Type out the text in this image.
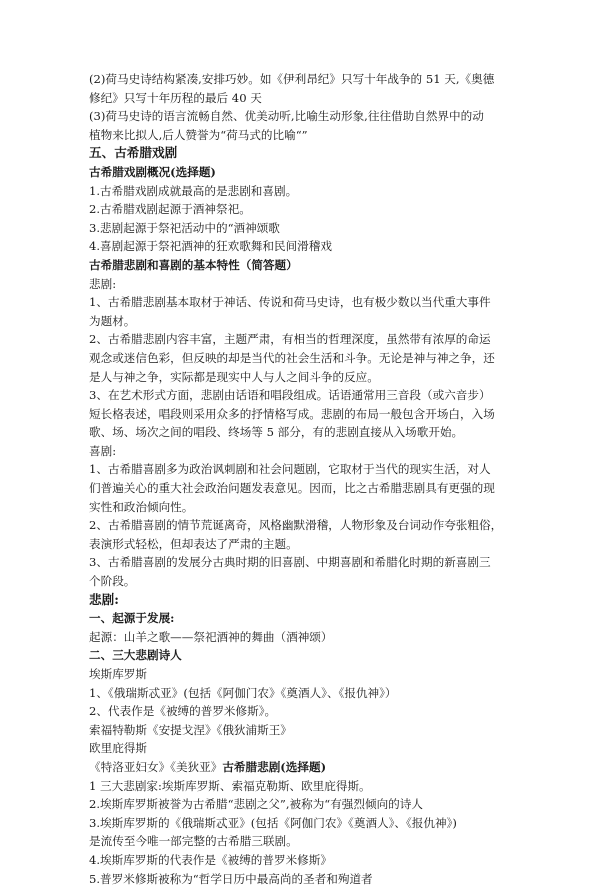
(2)荷马史诗结构紧凑,安排巧妙。如《伊利昂纪》只写十年战争的 51 天,《奥德
修纪》只写十年历程的最后 40 天
(3)荷马史诗的语言流畅自然、优美动听,比喻生动形象,往往借助自然界中的动
植物来比拟人,后人赞誉为“荷马式的比喻“”
五、古希腊戏剧
古希腊戏剧概况(选择题)
1.古希腊戏剧成就最高的是悲剧和喜剧。
2.古希腊戏剧起源于酒神祭祀。
3.悲剧起源于祭祀活动中的“酒神颂歌
4.喜剧起源于祭祀酒神的狂欢歌舞和民间滑稽戏
古希腊悲剧和喜剧的基本特性（简答题）
悲剧:
1、古希腊悲剧基本取材于神话、传说和荷马史诗，也有极少数以当代重大事件
为题材。
2、古希腊悲剧内容丰富，主题严肃，有相当的哲理深度，虽然带有浓厚的命运
观念或迷信色彩，但反映的却是当代的社会生活和斗争。无论是神与神之争，还
是人与神之争，实际都是现实中人与人之间斗争的反应。
3、在艺术形式方面，悲剧由话语和唱段组成。话语通常用三音段（或六音步）
短长格表述，唱段则采用众多的抒情格写成。悲剧的布局一般包含开场白，入场
歌、场、场次之间的唱段、终场等 5 部分，有的悲剧直接从入场歌开始。
喜剧:
1、古希腊喜剧多为政治讽刺剧和社会问题剧，它取材于当代的现实生活，对人
们普遍关心的重大社会政治问题发表意见。因而，比之古希腊悲剧具有更强的现
实性和政治倾向性。
2、古希腊喜剧的情节荒诞离奇，风格幽默滑稽，人物形象及台词动作夸张粗俗，
表演形式轻松，但却表达了严肃的主题。
3、古希腊喜剧的发展分古典时期的旧喜剧、中期喜剧和希腊化时期的新喜剧三
个阶段。
悲剧:
一、起源于发展:
起源：山羊之歌——祭祀酒神的舞曲（酒神颂）
二、三大悲剧诗人
埃斯库罗斯
1、《俄瑞斯忒亚》(包括《阿伽门农》《奠酒人》、《报仇神》）
2、代表作是《被缚的普罗米修斯》。
索福特勒斯《安提戈涅》《俄狄浦斯王》
欧里庇得斯
《特洛亚妇女》《美狄亚》古希腊悲剧(选择题)
1 三大悲剧家:埃斯库罗斯、索福克勒斯、欧里庇得斯。
2.埃斯库罗斯被誉为古希腊“悲剧之父”,被称为“有强烈倾向的诗人
3.埃斯库罗斯的《俄瑞斯忒亚》(包括《阿伽门农》《奠酒人》、《报仇神》)
是流传至今唯一部完整的古希腊三联剧。
4.埃斯库罗斯的代表作是《被缚的普罗米修斯》
5.普罗米修斯被称为“哲学日历中最高尚的圣者和殉道者
